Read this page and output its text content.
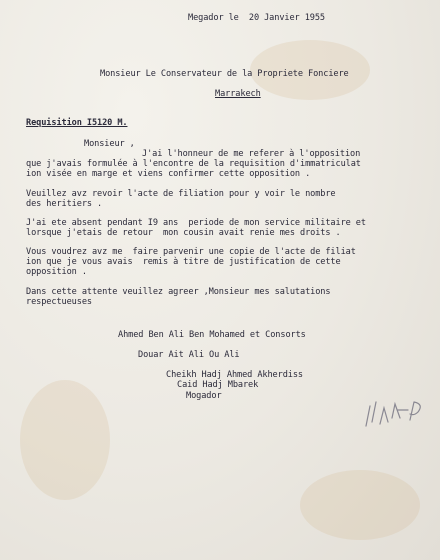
Megador le  20 Janvier 1955
Monsieur Le Conservateur de la Propriete Fonciere
Marrakech
Requisition I5120 M.
Monsieur ,
J'ai l'honneur de me referer à l'opposition
que j'avais formulée à l'encontre de la requisition d'immatriculat
ion visée en marge et viens confirmer cette opposition .
Veuillez avz revoir l'acte de filiation pour y voir le nombre
des heritiers .
J'ai ete absent pendant I9 ans  periode de mon service militaire et
lorsque j'etais de retour  mon cousin avait renie mes droits .
Vous voudrez avz me  faire parvenir une copie de l'acte de filiat
ion que je vous avais  remis à titre de justification de cette
opposition .
Dans cette attente veuillez agreer ,Monsieur mes salutations
respectueuses
Ahmed Ben Ali Ben Mohamed et Consorts
Douar Ait Ali Ou Ali
Cheikh Hadj Ahmed Akherdiss
Caid Hadj Mbarek
Mogador
